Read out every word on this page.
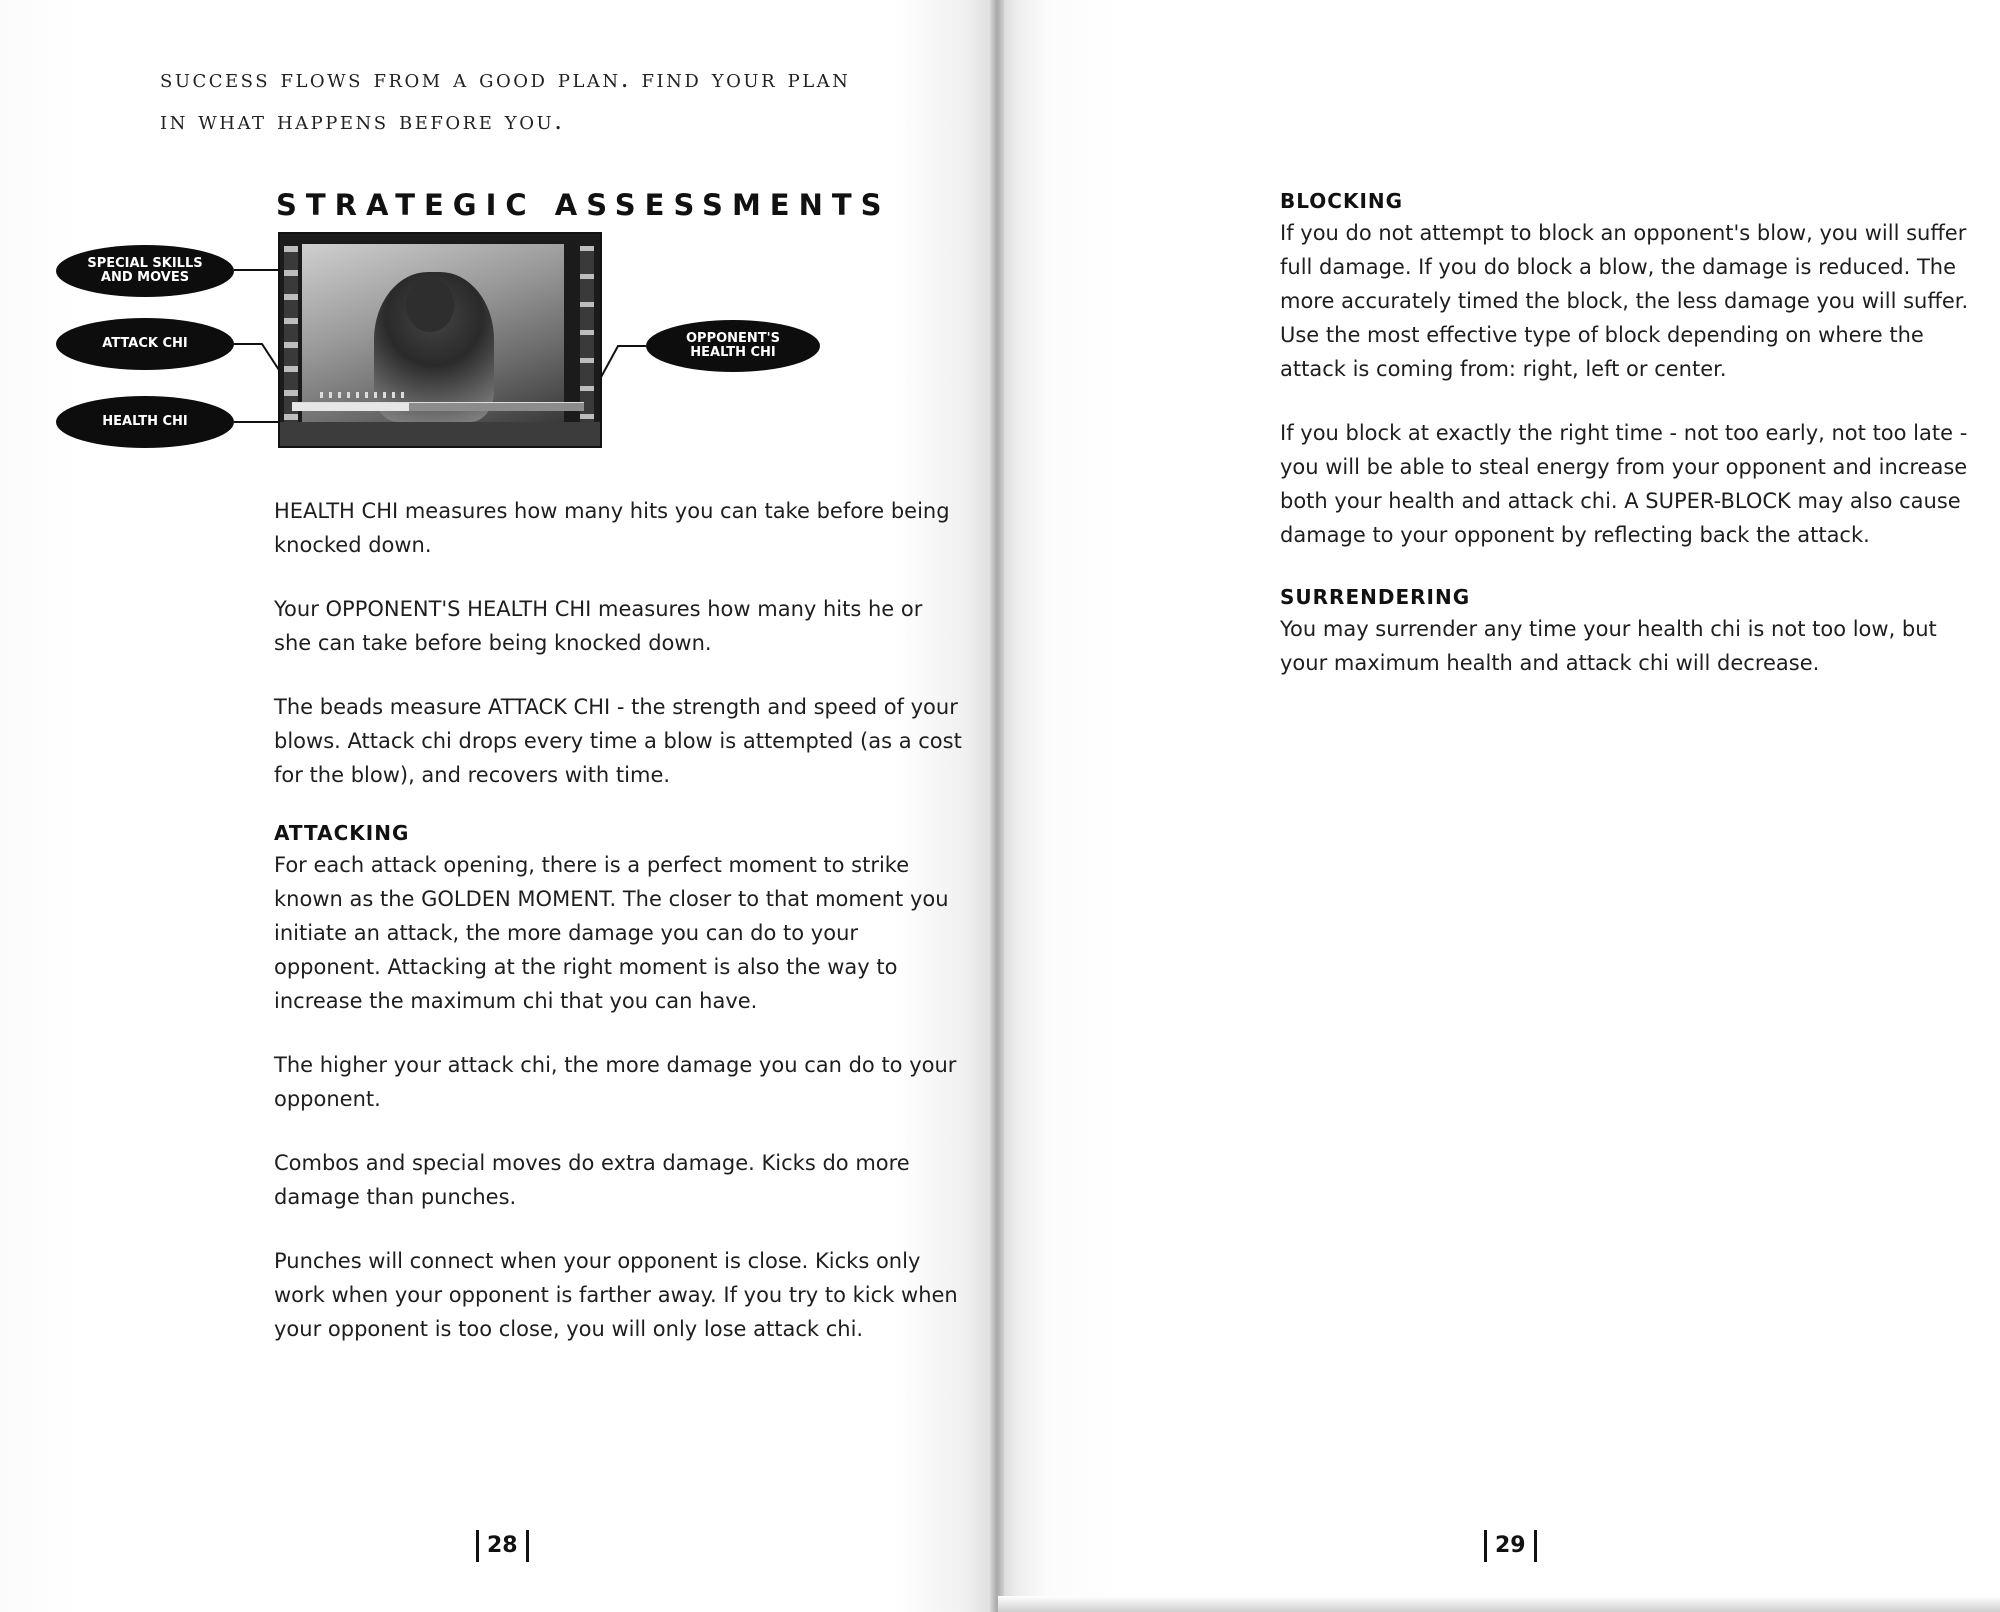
success flows from a good plan. find your plan
in what happens before you.
STRATEGIC ASSESSMENTS
SPECIAL SKILLS
AND MOVES
ATTACK CHI
HEALTH CHI
OPPONENT'S
HEALTH CHI

HEALTH CHI measures how many hits you can take before being knocked down.

Your OPPONENT'S HEALTH CHI measures how many hits he or she can take before being knocked down.

The beads measure ATTACK CHI - the strength and speed of your blows. Attack chi drops every time a blow is attempted (as a cost for the blow), and recovers with time.

ATTACKING

For each attack opening, there is a perfect moment to strike known as the GOLDEN MOMENT. The closer to that moment you initiate an attack, the more damage you can do to your opponent. Attacking at the right moment is also the way to increase the maximum chi that you can have.

The higher your attack chi, the more damage you can do to your opponent.

Combos and special moves do extra damage. Kicks do more damage than punches.

Punches will connect when your opponent is close. Kicks only work when your opponent is farther away. If you try to kick when your opponent is too close, you will only lose attack chi.

28
BLOCKING

If you do not attempt to block an opponent's blow, you will suffer full damage. If you do block a blow, the damage is reduced. The more accurately timed the block, the less damage you will suffer. Use the most effective type of block depending on where the attack is coming from: right, left or center.

If you block at exactly the right time - not too early, not too late - you will be able to steal energy from your opponent and increase both your health and attack chi. A SUPER-BLOCK may also cause damage to your opponent by reflecting back the attack.

SURRENDERING

You may surrender any time your health chi is not too low, but your maximum health and attack chi will decrease.

29
